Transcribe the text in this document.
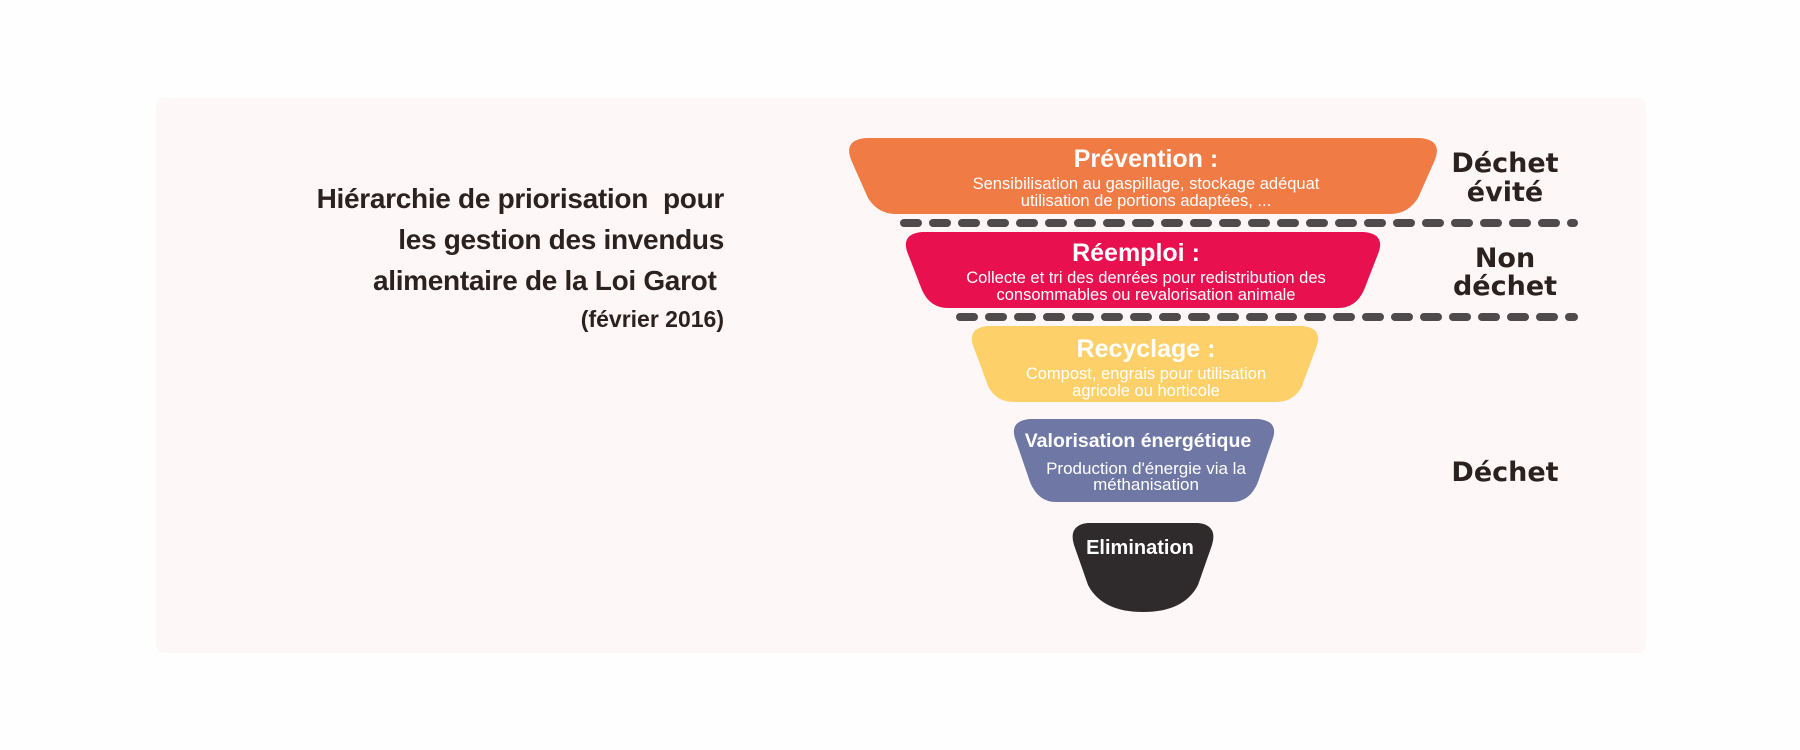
Hiérarchie de priorisation  pour
les gestion des invendus
alimentaire de la Loi Garot
(février 2016)
Prévention :
Sensibilisation au gaspillage, stockage adéquat
utilisation de portions adaptées, ...
Réemploi :
Collecte et tri des denrées pour redistribution des
consommables ou revalorisation animale
Recyclage :
Compost, engrais pour utilisation
agricole ou horticole
Valorisation énergétique
Production d'énergie via la
méthanisation
Elimination
Déchet
évité
Non
déchet
Déchet
